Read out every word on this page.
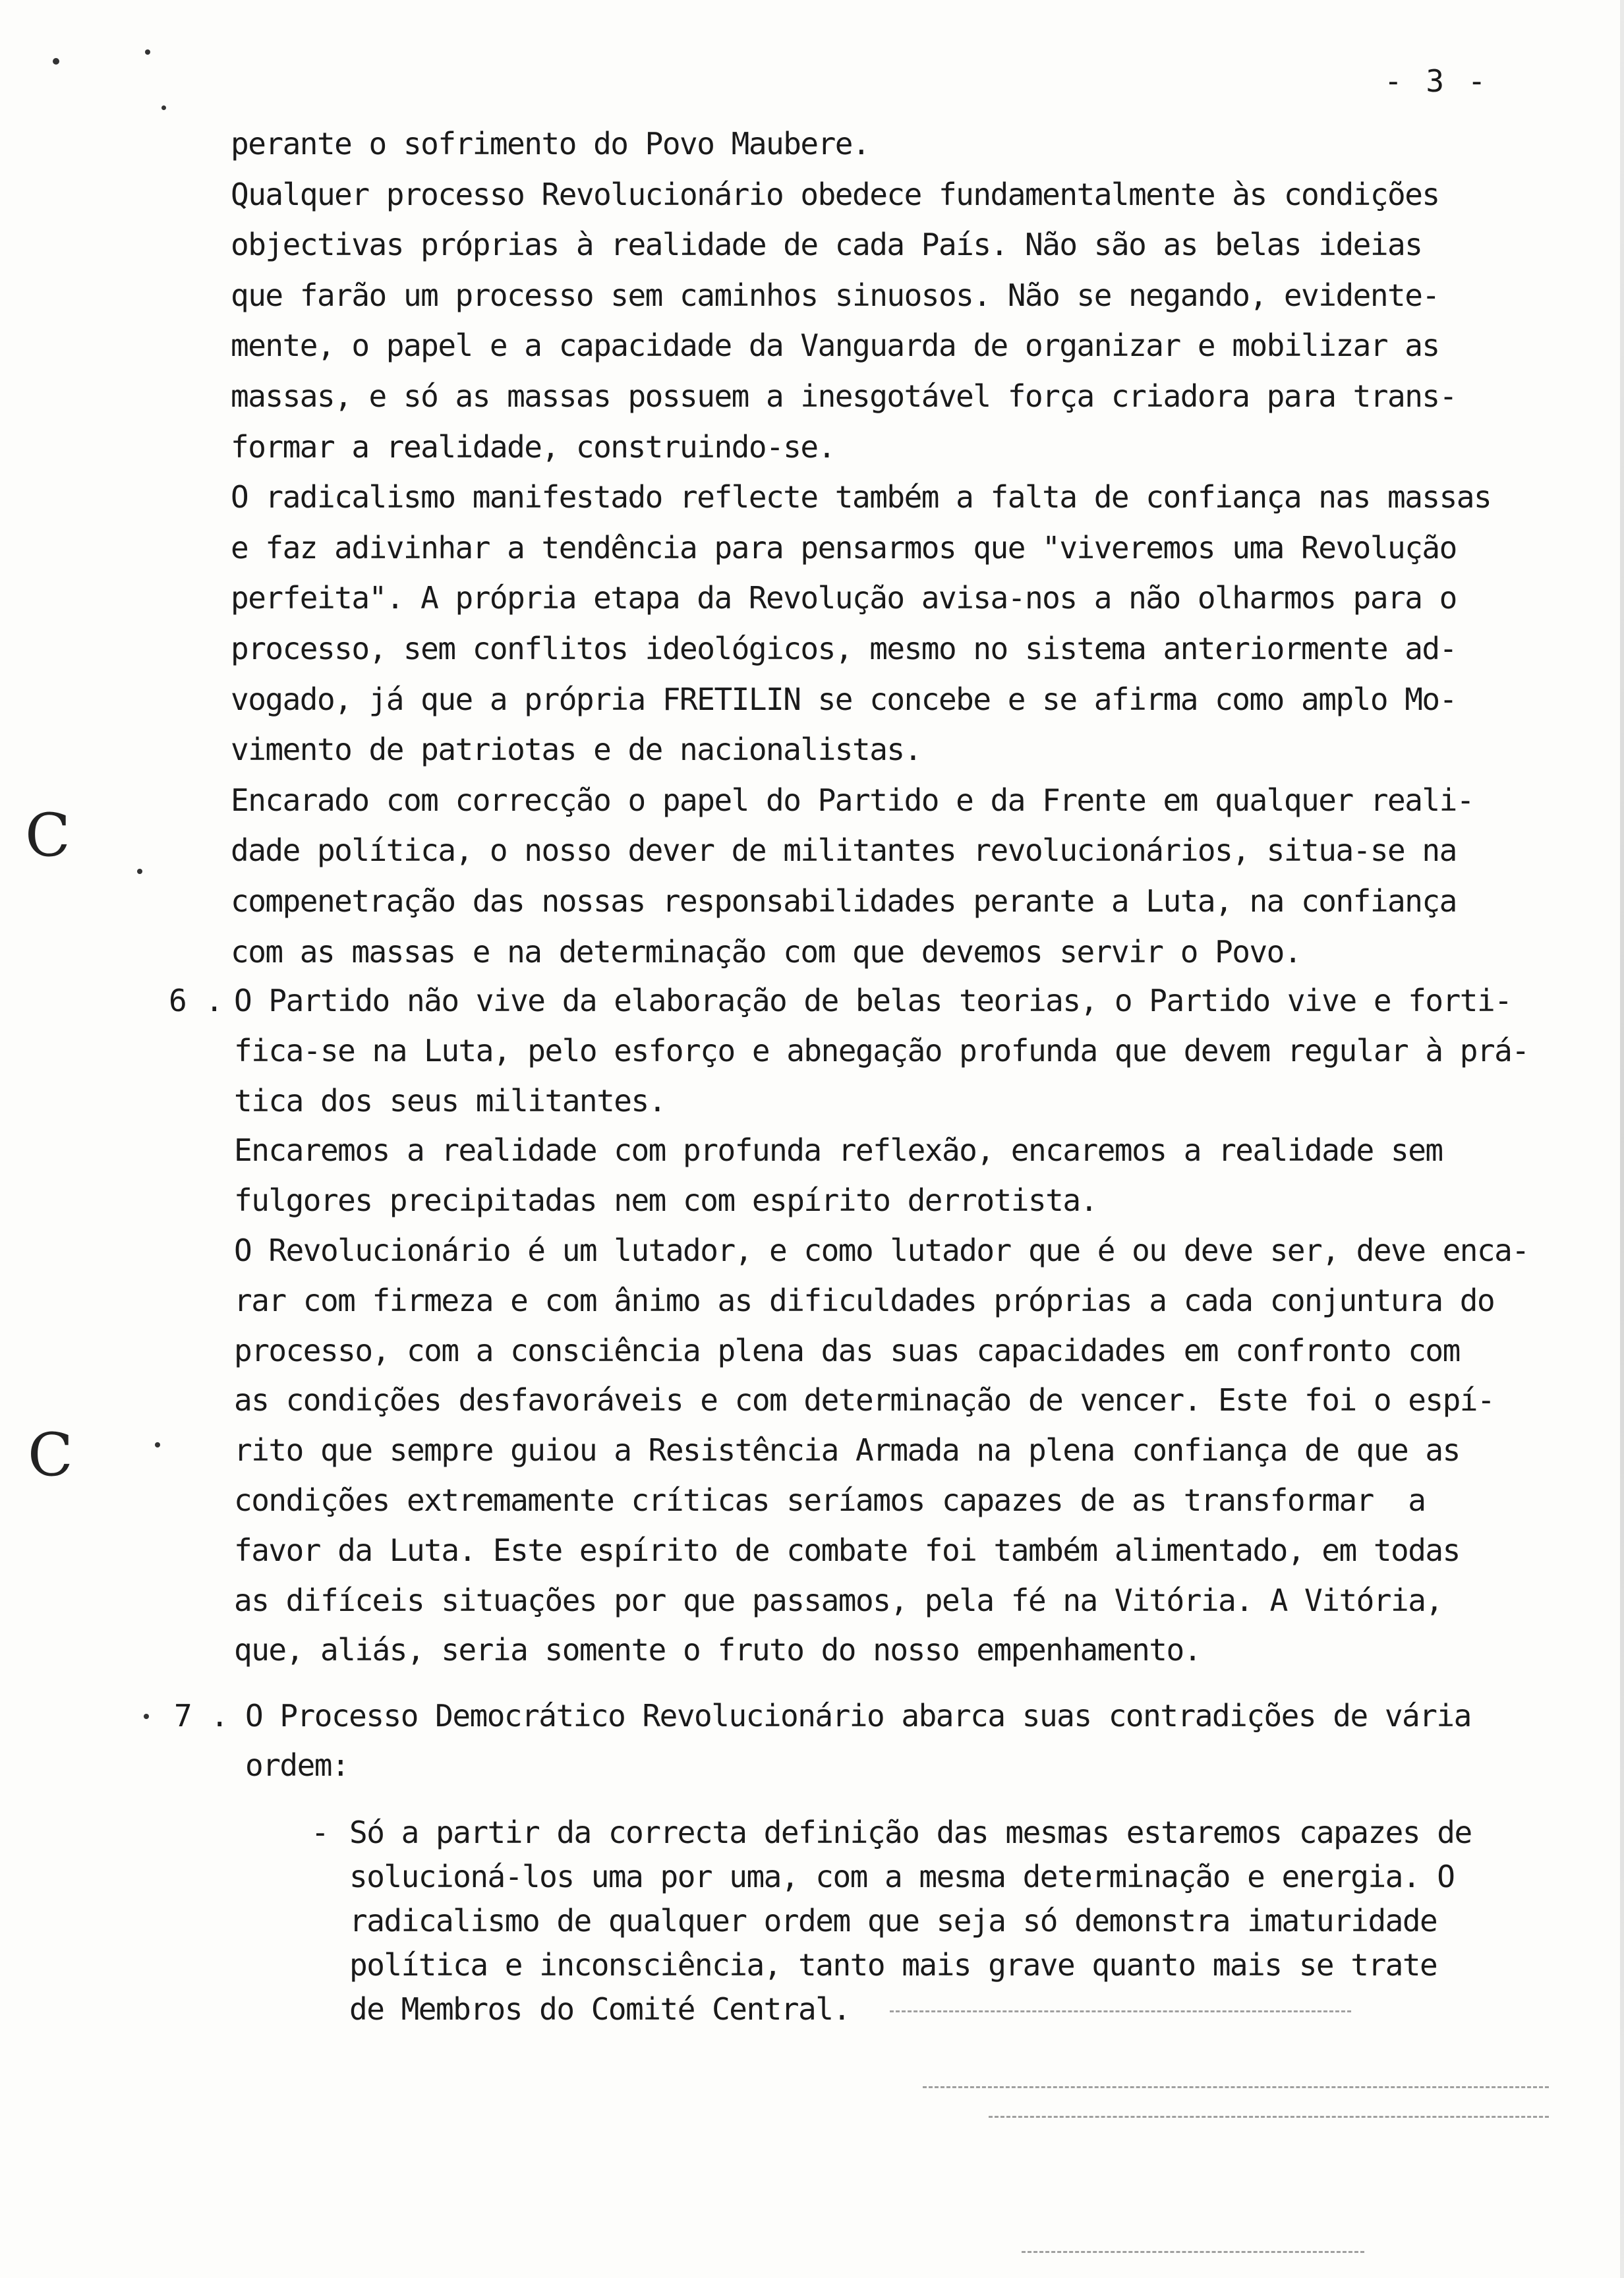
- 3 -
C
C
perante o sofrimento do Povo Maubere.
Qualquer processo Revolucionário obedece fundamentalmente às condições
objectivas próprias à realidade de cada País. Não são as belas ideias
que farão um processo sem caminhos sinuosos. Não se negando, evidente-
mente, o papel e a capacidade da Vanguarda de organizar e mobilizar as
massas, e só as massas possuem a inesgotável força criadora para trans-
formar a realidade, construindo-se.
O radicalismo manifestado reflecte também a falta de confiança nas massas
e faz adivinhar a tendência para pensarmos que "viveremos uma Revolução
perfeita". A própria etapa da Revolução avisa-nos a não olharmos para o
processo, sem conflitos ideológicos, mesmo no sistema anteriormente ad-
vogado, já que a própria FRETILIN se concebe e se afirma como amplo Mo-
vimento de patriotas e de nacionalistas.
Encarado com correcção o papel do Partido e da Frente em qualquer reali-
dade política, o nosso dever de militantes revolucionários, situa-se na
compenetração das nossas responsabilidades perante a Luta, na confiança
com as massas e na determinação com que devemos servir o Povo.
6 . O Partido não vive da elaboração de belas teorias, o Partido vive e forti-
fica-se na Luta, pelo esforço e abnegação profunda que devem regular à prá-
tica dos seus militantes.
Encaremos a realidade com profunda reflexão, encaremos a realidade sem
fulgores precipitadas nem com espírito derrotista.
O Revolucionário é um lutador, e como lutador que é ou deve ser, deve enca-
rar com firmeza e com ânimo as dificuldades próprias a cada conjuntura do
processo, com a consciência plena das suas capacidades em confronto com
as condições desfavoráveis e com determinação de vencer. Este foi o espí-
rito que sempre guiou a Resistência Armada na plena confiança de que as
condições extremamente críticas seríamos capazes de as transformar  a
favor da Luta. Este espírito de combate foi também alimentado, em todas
as difíceis situações por que passamos, pela fé na Vitória. A Vitória,
que, aliás, seria somente o fruto do nosso empenhamento.
7 . O Processo Democrático Revolucionário abarca suas contradições de vária
ordem:
- Só a partir da correcta definição das mesmas estaremos capazes de
solucioná-los uma por uma, com a mesma determinação e energia. O
radicalismo de qualquer ordem que seja só demonstra imaturidade
política e inconsciência, tanto mais grave quanto mais se trate
de Membros do Comité Central.
